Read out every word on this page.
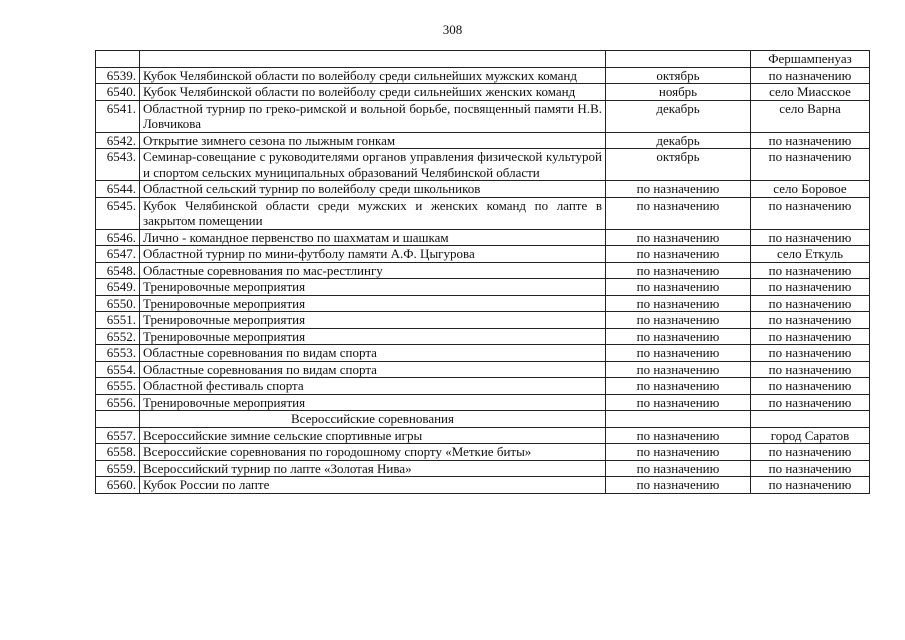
308
			Фершампенуаз
6539.	Кубок Челябинской области по волейболу среди сильнейших мужских команд	октябрь	по назначению
6540.	Кубок Челябинской области по волейболу среди сильнейших женских команд	ноябрь	село Миасское
6541.	Областной турнир по греко-римской и вольной борьбе, посвященный памяти Н.В. Ловчикова	декабрь	село Варна
6542.	Открытие зимнего сезона по лыжным гонкам	декабрь	по назначению
6543.	Семинар-совещание с руководителями органов управления физической культурой и спортом сельских муниципальных образований Челябинской области	октябрь	по назначению
6544.	Областной сельский турнир по волейболу среди школьников	по назначению	село Боровое
6545.	Кубок Челябинской области среди мужских и женских команд по лапте в закрытом помещении	по назначению	по назначению
6546.	Лично - командное первенство по шахматам и шашкам	по назначению	по назначению
6547.	Областной турнир по мини-футболу памяти А.Ф. Цыгурова	по назначению	село Еткуль
6548.	Областные соревнования по мас-рестлингу	по назначению	по назначению
6549.	Тренировочные мероприятия	по назначению	по назначению
6550.	Тренировочные мероприятия	по назначению	по назначению
6551.	Тренировочные мероприятия	по назначению	по назначению
6552.	Тренировочные мероприятия	по назначению	по назначению
6553.	Областные соревнования по видам спорта	по назначению	по назначению
6554.	Областные соревнования по видам спорта	по назначению	по назначению
6555.	Областной фестиваль спорта	по назначению	по назначению
6556.	Тренировочные мероприятия	по назначению	по назначению
	Всероссийские соревнования		
6557.	Всероссийские зимние сельские спортивные игры	по назначению	город Саратов
6558.	Всероссийские соревнования по городошному спорту «Меткие биты»	по назначению	по назначению
6559.	Всероссийский турнир по лапте «Золотая Нива»	по назначению	по назначению
6560.	Кубок России по лапте	по назначению	по назначению
